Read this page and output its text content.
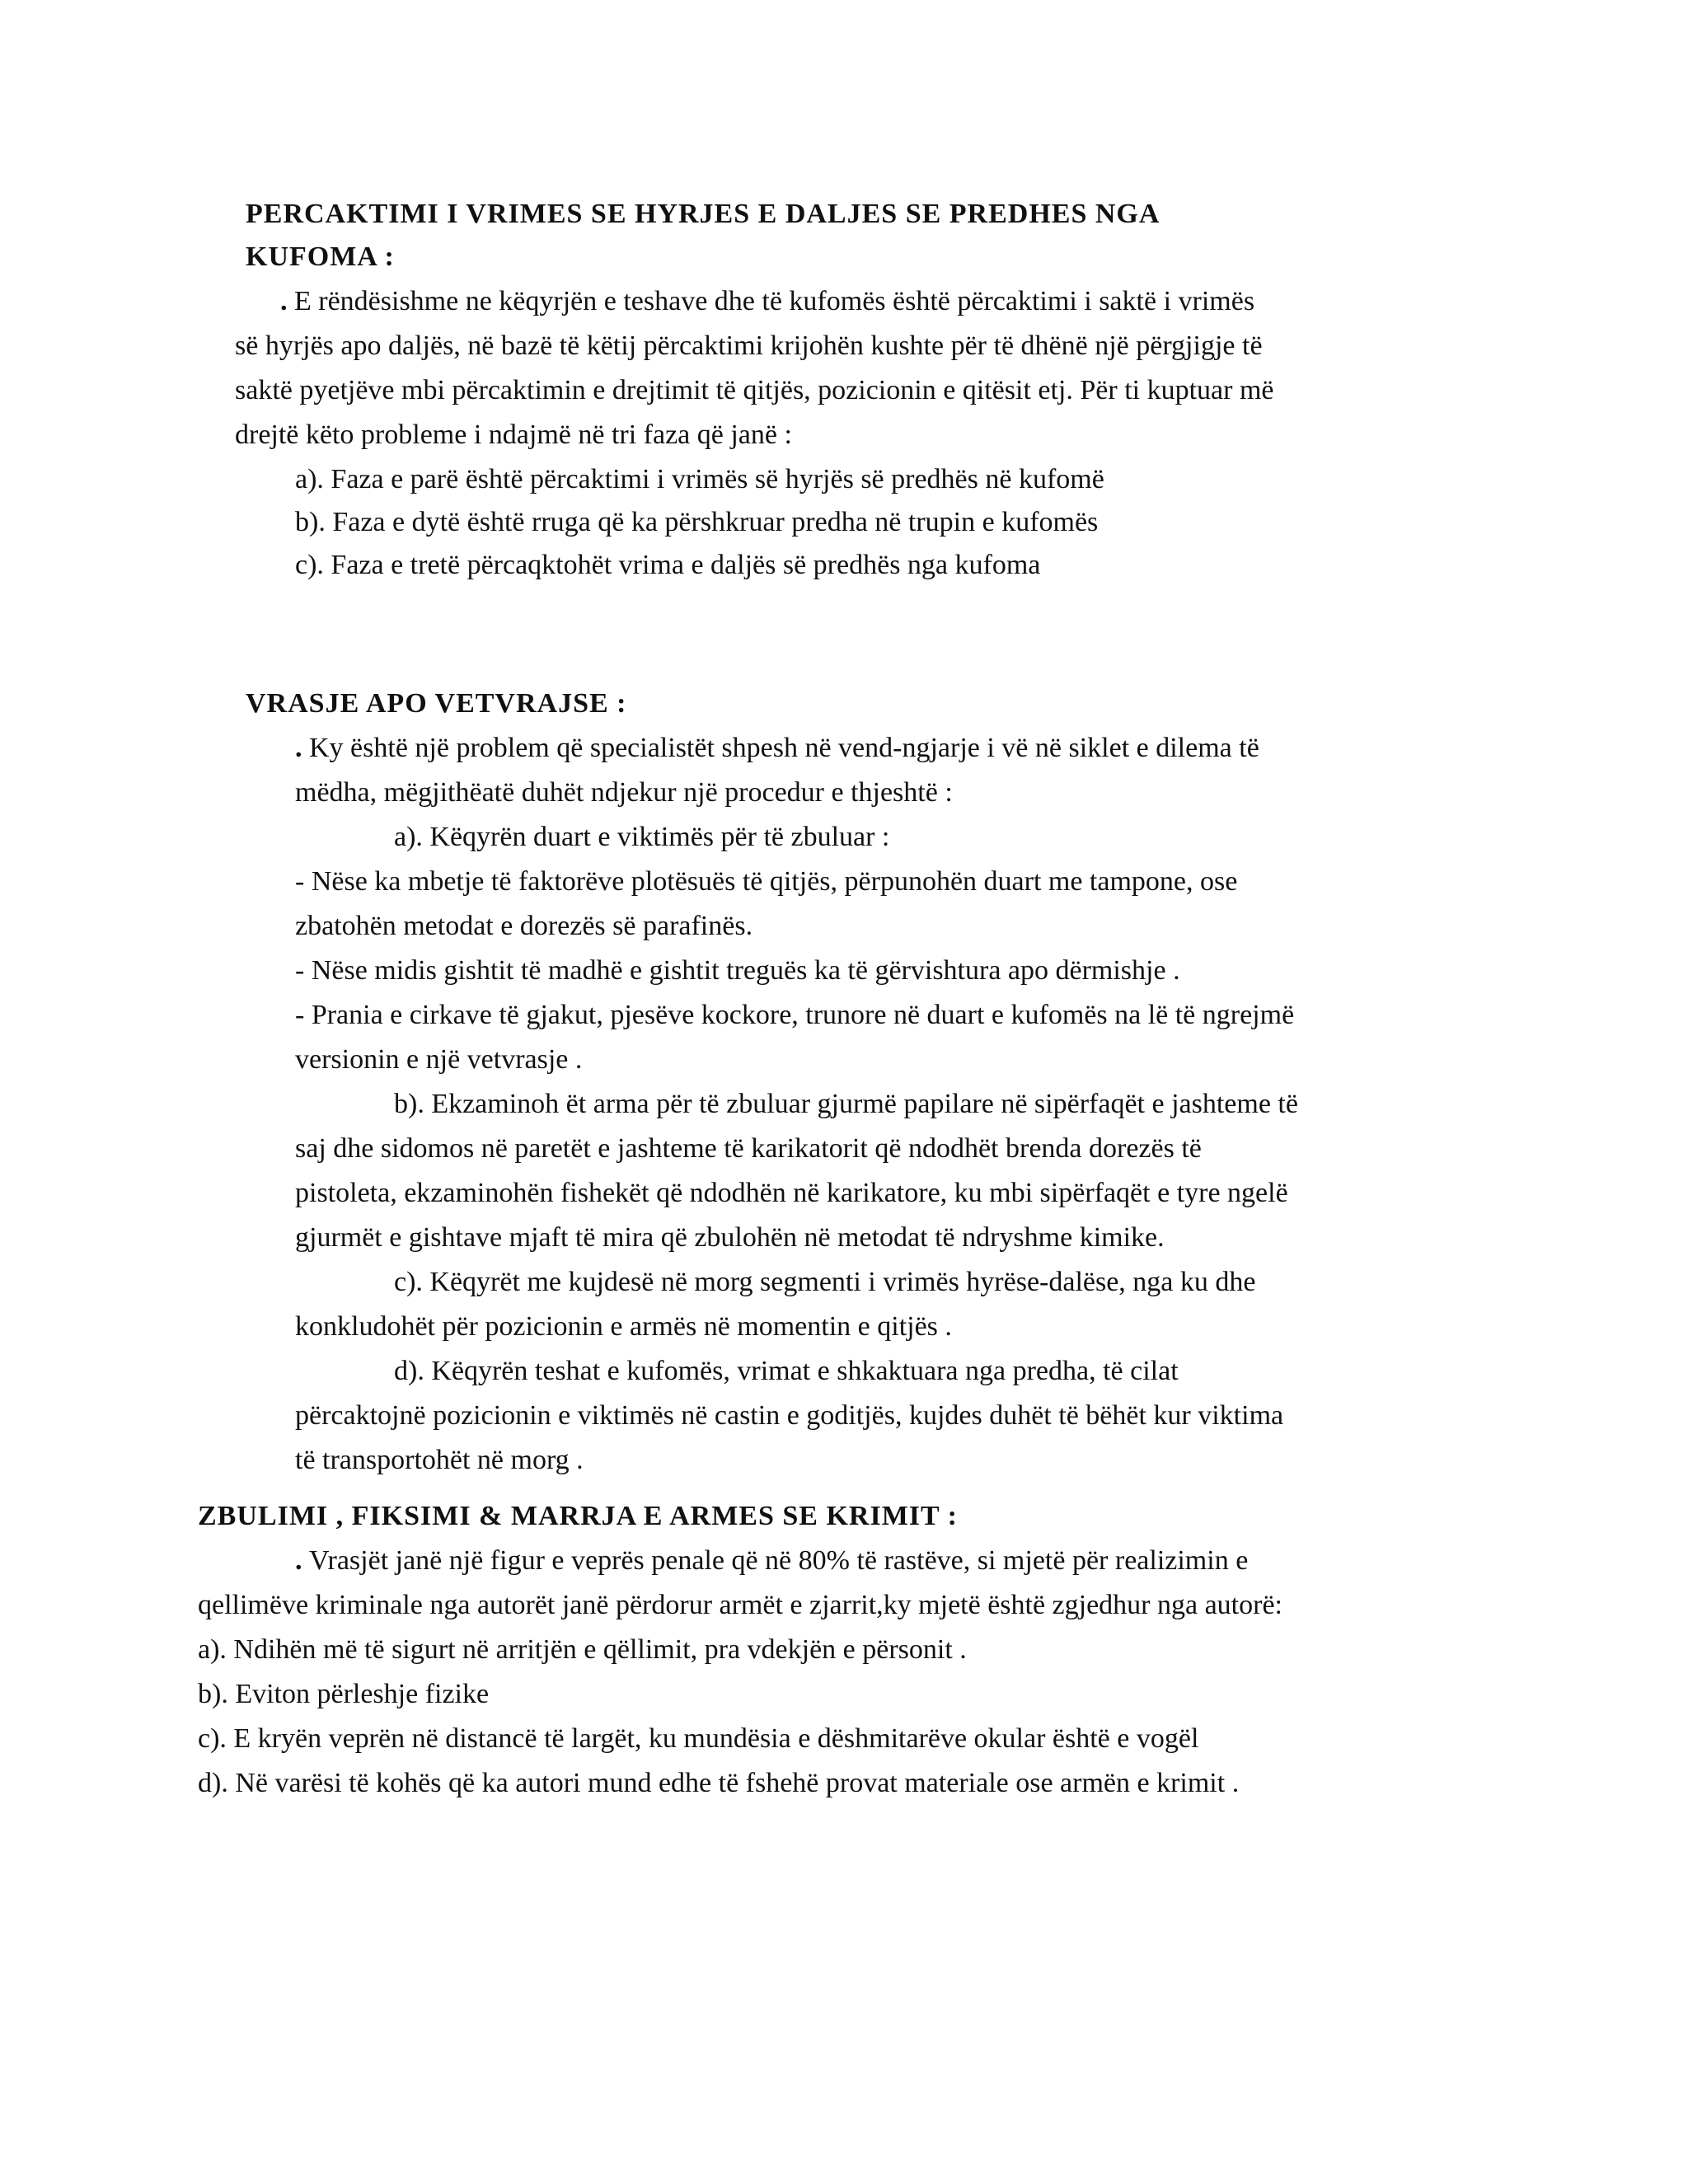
PERCAKTIMI I VRIMES SE HYRJES E DALJES SE PREDHES NGA
KUFOMA :
. E rëndësishme ne këqyrjën e teshave dhe të kufomës është përcaktimi i saktë i vrimës
së hyrjës apo daljës, në bazë të këtij përcaktimi krijohën kushte për të dhënë një përgjigje të
saktë pyetjëve mbi përcaktimin e drejtimit të qitjës, pozicionin e qitësit etj. Për ti kuptuar më
drejtë këto probleme i ndajmë në tri faza që janë :
a). Faza e parë është përcaktimi i vrimës së hyrjës së predhës në kufomë
b). Faza e dytë është rruga që ka përshkruar predha në trupin e kufomës
c). Faza e tretë përcaqktohët vrima e daljës së predhës nga kufoma
VRASJE APO VETVRAJSE :
. Ky është një problem që specialistët shpesh në vend-ngjarje i vë në siklet e dilema të
mëdha, mëgjithëatë duhët ndjekur një procedur e thjeshtë :
a). Këqyrën duart e viktimës për të zbuluar :
- Nëse ka mbetje të faktorëve plotësuës të qitjës, përpunohën duart me tampone, ose
zbatohën metodat e dorezës së parafinës.
- Nëse midis gishtit të madhë e gishtit treguës ka të gërvishtura apo dërmishje .
- Prania e cirkave të gjakut, pjesëve kockore, trunore në duart e kufomës na lë të ngrejmë
versionin e një vetvrasje .
b). Ekzaminoh ët arma për të zbuluar gjurmë papilare në sipërfaqët e jashteme të
saj dhe sidomos në paretët e jashteme të karikatorit që ndodhët brenda dorezës të
pistoleta, ekzaminohën fishekët që ndodhën në karikatore, ku mbi sipërfaqët e tyre ngelë
gjurmët e gishtave mjaft të mira që zbulohën në metodat të ndryshme kimike.
c). Këqyrët me kujdesë në morg segmenti i vrimës hyrëse-dalëse, nga ku dhe
konkludohët për pozicionin e armës në momentin e qitjës .
d). Këqyrën teshat e kufomës, vrimat e shkaktuara nga predha, të cilat
përcaktojnë pozicionin e viktimës në castin e goditjës, kujdes duhët të bëhët kur viktima
të transportohët në morg .
ZBULIMI , FIKSIMI & MARRJA E ARMES SE KRIMIT :
. Vrasjët janë një figur e veprës penale që në 80% të rastëve, si mjetë për realizimin e
qellimëve kriminale nga autorët janë përdorur armët e zjarrit,ky mjetë është zgjedhur nga autorë:
a). Ndihën më të sigurt në arritjën e qëllimit, pra vdekjën e përsonit .
b). Eviton përleshje fizike
c). E kryën veprën në distancë të largët, ku mundësia e dëshmitarëve okular është e vogël
d). Në varësi të kohës që ka autori mund edhe të fshehë provat materiale ose armën e krimit .
